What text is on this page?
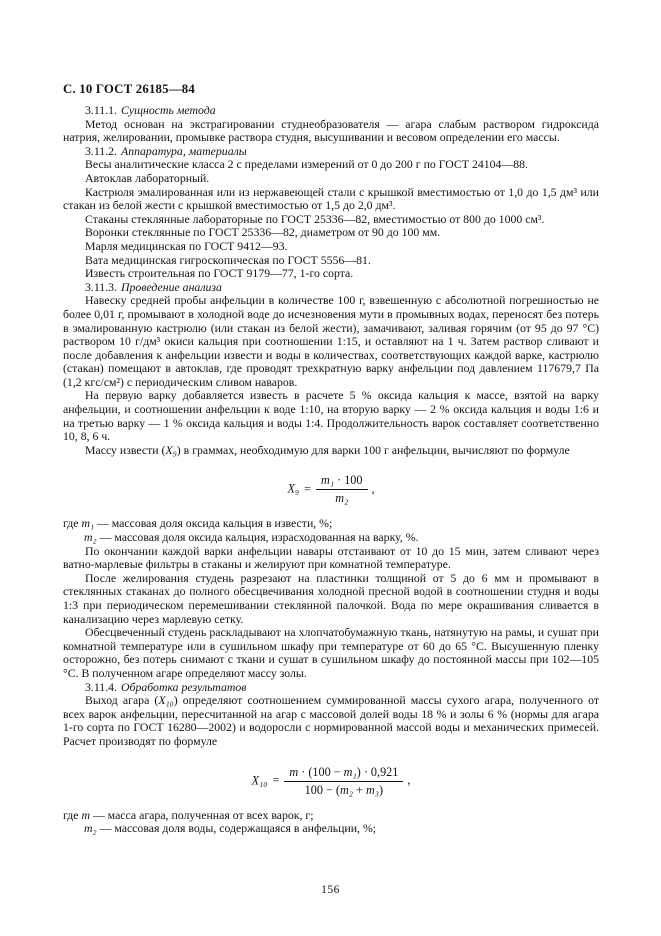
С. 10 ГОСТ 26185—84

3.11.1. Сущность метода

Метод основан на экстрагировании студнеобразователя — агара слабым раствором гидроксида натрия, желировании, промывке раствора студня, высушивании и весовом определении его массы.

3.11.2. Аппаратура, материалы

Весы аналитические класса 2 с пределами измерений от 0 до 200 г по ГОСТ 24104—88.

Автоклав лабораторный.

Кастрюля эмалированная или из нержавеющей стали с крышкой вместимостью от 1,0 до 1,5 дм³ или стакан из белой жести с крышкой вместимостью от 1,5 до 2,0 дм³.

Стаканы стеклянные лабораторные по ГОСТ 25336—82, вместимостью от 800 до 1000 см³.

Воронки стеклянные по ГОСТ 25336—82, диаметром от 90 до 100 мм.

Марля медицинская по ГОСТ 9412—93.

Вата медицинская гигроскопическая по ГОСТ 5556—81.

Известь строительная по ГОСТ 9179—77, 1-го сорта.

3.11.3. Проведение анализа

Навеску средней пробы анфельции в количестве 100 г, взвешенную с абсолютной погрешностью не более 0,01 г, промывают в холодной воде до исчезновения мути в промывных водах, переносят без потерь в эмалированную кастрюлю (или стакан из белой жести), замачивают, заливая горячим (от 95 до 97 °С) раствором 10 г/дм³ окиси кальция при соотношении 1:15, и оставляют на 1 ч. Затем раствор сливают и после добавления к анфельции извести и воды в количествах, соответствующих каждой варке, кастрюлю (стакан) помещают в автоклав, где проводят трехкратную варку анфельции под давлением 117679,7 Па (1,2 кгс/см²) с периодическим сливом наваров.

На первую варку добавляется известь в расчете 5 % оксида кальция к массе, взятой на варку анфельции, и соотношении анфельции к воде 1:10, на вторую варку — 2 % оксида кальция и воды 1:6 и на третью варку — 1 % оксида кальция и воды 1:4. Продолжительность варок составляет соответственно 10, 8, 6 ч.

Массу извести (X₉) в граммах, необходимую для варки 100 г анфельции, вычисляют по формуле

$X_9 = \frac{\text{m₁ · 100}}{\text{m₂}}$ ,

где m₁ — массовая доля оксида кальция в извести, %;

m₂ — массовая доля оксида кальция, израсходованная на варку, %.

По окончании каждой варки анфельции навары отстаивают от 10 до 15 мин, затем сливают через ватно-марлевые фильтры в стаканы и желируют при комнатной температуре.

После желирования студень разрезают на пластинки толщиной от 5 до 6 мм и промывают в стеклянных стаканах до полного обесцвечивания холодной пресной водой в соотношении студня и воды 1:3 при периодическом перемешивании стеклянной палочкой. Вода по мере окрашивания сливается в канализацию через марлевую сетку.

Обесцвеченный студень раскладывают на хлопчатобумажную ткань, натянутую на рамы, и сушат при комнатной температуре или в сушильном шкафу при температуре от 60 до 65 °С. Высушенную пленку осторожно, без потерь снимают с ткани и сушат в сушильном шкафу до постоянной массы при 102—105 °С. В полученном агаре определяют массу золы.

3.11.4. Обработка результатов

Выход агара (X₁₀) определяют соотношением суммированной массы сухого агара, полученного от всех варок анфельции, пересчитанной на агар с массовой долей воды 18 % и золы 6 % (нормы для агара 1-го сорта по ГОСТ 16280—2002) и водоросли с нормированной массой воды и механических примесей. Расчет производят по формуле

$X_{10} = \frac{\text{m · (100 − m₁) · 0,921}}{\text{100 − (m₂ + m₃)}}$ ,

где m — масса агара, полученная от всех варок, г;

m₂ — массовая доля воды, содержащаяся в анфельции, %;

156
